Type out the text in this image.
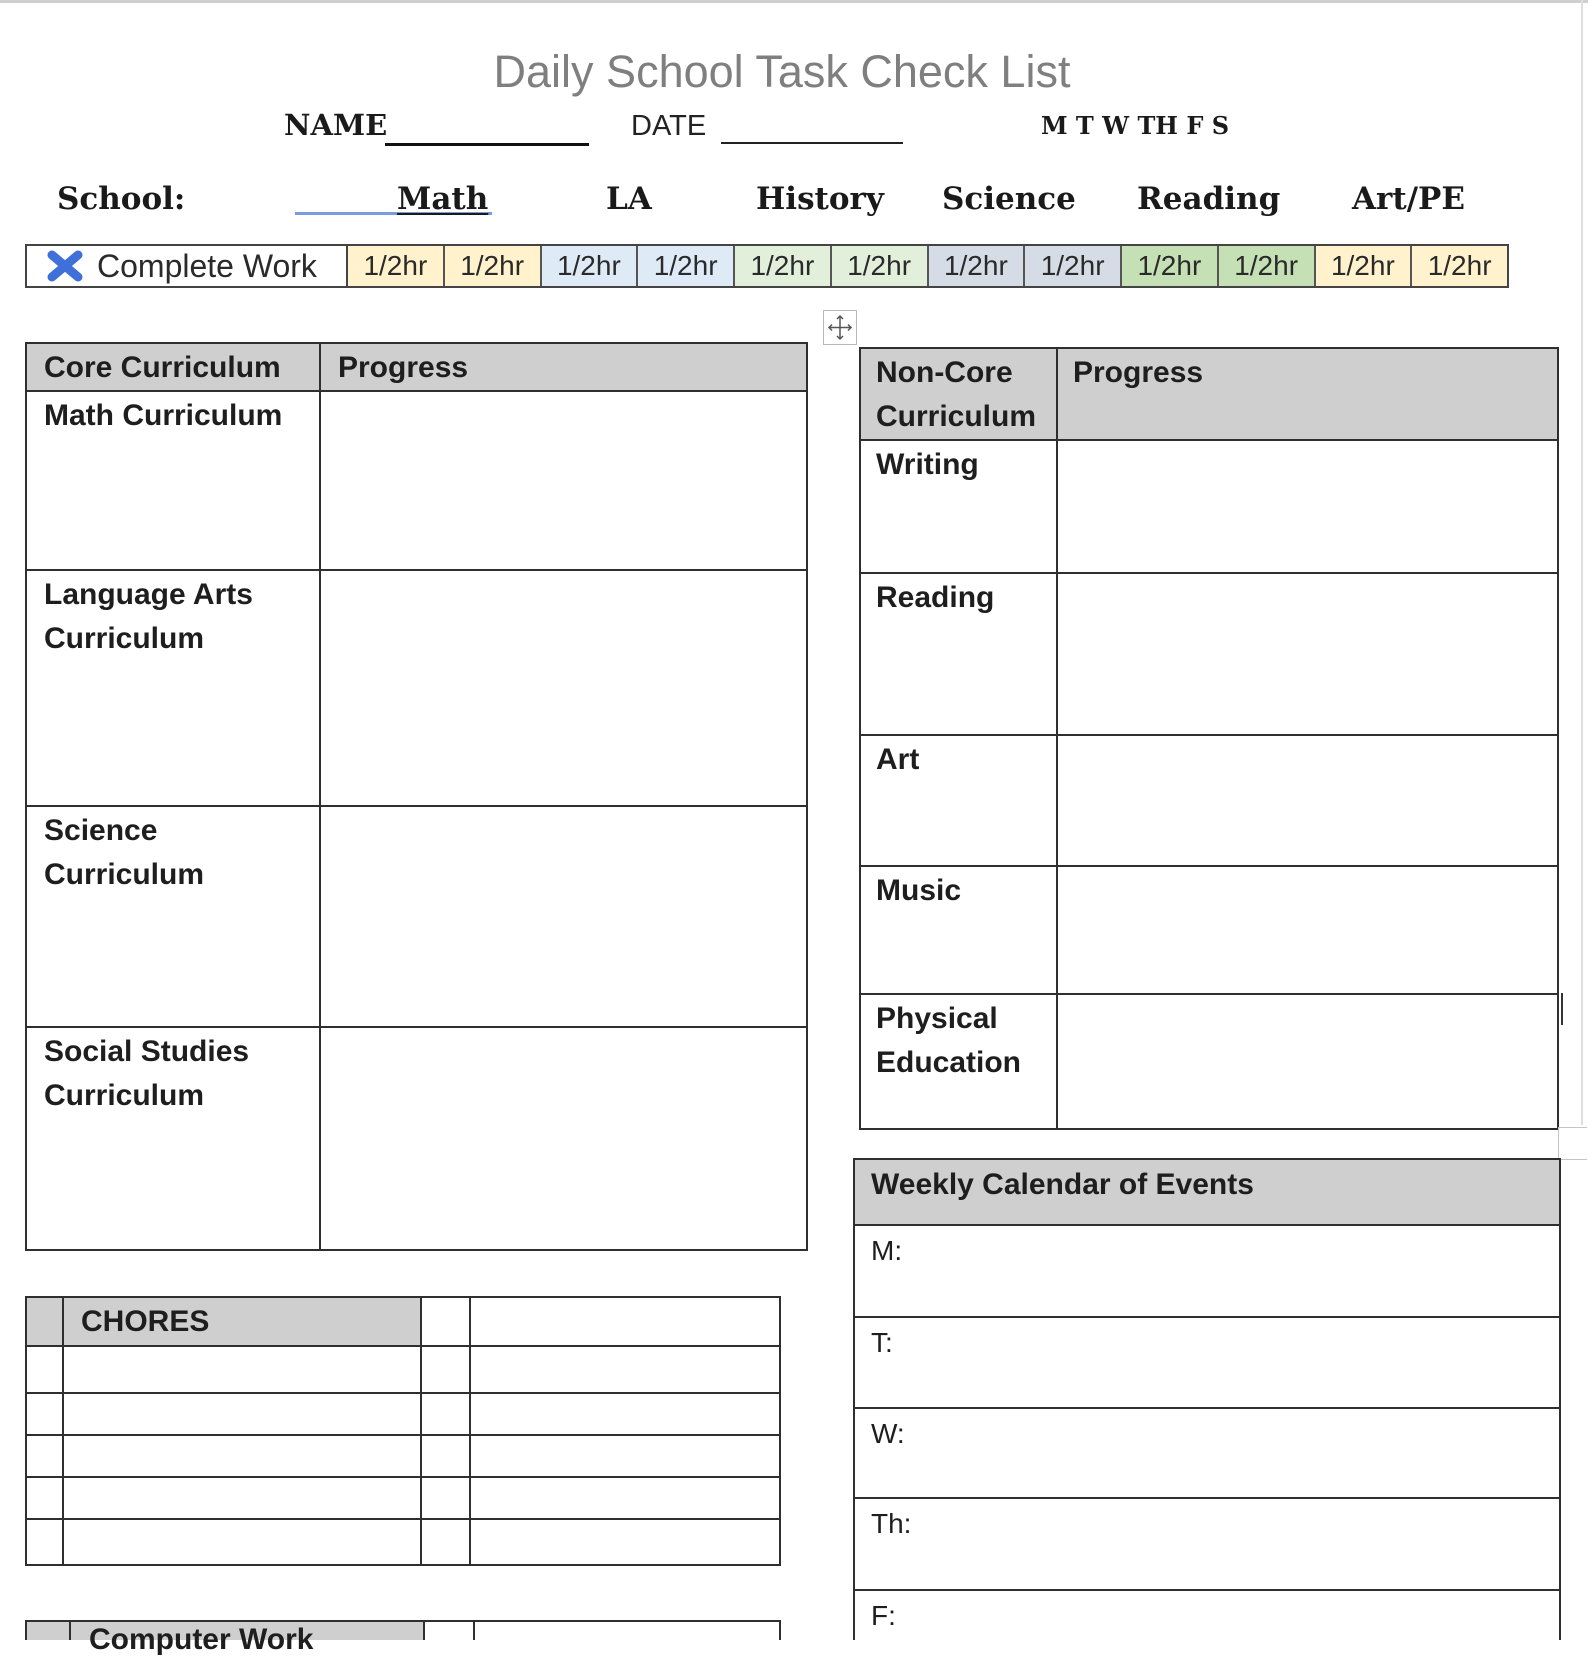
Daily School Task Check List
NAME	DATE	M T W TH F S
School:	Math	LA	History Science Reading Art/PE
Complete Work	1/2hr	1/2hr	1/2hr	1/2hr	1/2hr	1/2hr	1/2hr	1/2hr	1/2hr	1/2hr	1/2hr	1/2hr
Core Curriculum	Progress

Math Curriculum	

Language Arts Curriculum	

Science Curriculum	

Social Studies Curriculum	

Non-Core Curriculum	Progress
Writing	
Reading	
Art	
Music	
Physical Education	
Weekly Calendar of Events
M:
T:
W:
Th:
F:
	CHORES		

Computer Work
